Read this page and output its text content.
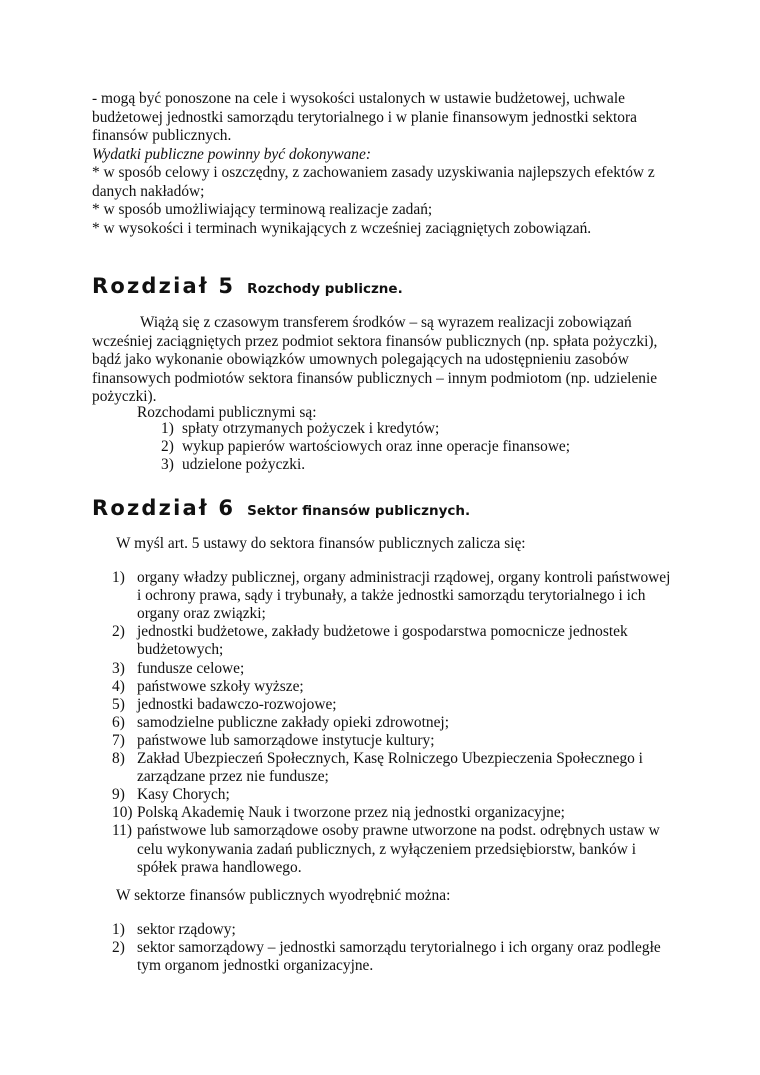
- mogą być ponoszone na cele i wysokości ustalonych w ustawie budżetowej, uchwale
budżetowej jednostki samorządu terytorialnego i w planie finansowym jednostki sektora
finansów publicznych.
Wydatki publiczne powinny być dokonywane:
* w sposób celowy i oszczędny, z zachowaniem zasady uzyskiwania najlepszych efektów z
danych nakładów;
* w sposób umożliwiający terminową realizacje zadań;
* w wysokości i terminach wynikających z wcześniej zaciągniętych zobowiązań.
Rozdział 5 Rozchody publiczne.
Wiążą się z czasowym transferem środków – są wyrazem realizacji zobowiązań
wcześniej zaciągniętych przez podmiot sektora finansów publicznych (np. spłata pożyczki),
bądź jako wykonanie obowiązków umownych polegających na udostępnieniu zasobów
finansowych podmiotów sektora finansów publicznych – innym podmiotom (np. udzielenie
pożyczki).
Rozchodami publicznymi są:
1) spłaty otrzymanych pożyczek i kredytów;
2) wykup papierów wartościowych oraz inne operacje finansowe;
3) udzielone pożyczki.
Rozdział 6 Sektor finansów publicznych.
W myśl art. 5 ustawy do sektora finansów publicznych zalicza się:
1) organy władzy publicznej, organy administracji rządowej, organy kontroli państwowej
i ochrony prawa, sądy i trybunały, a także jednostki samorządu terytorialnego i ich
organy oraz związki;
2) jednostki budżetowe, zakłady budżetowe i gospodarstwa pomocnicze jednostek
budżetowych;
3) fundusze celowe;
4) państwowe szkoły wyższe;
5) jednostki badawczo-rozwojowe;
6) samodzielne publiczne zakłady opieki zdrowotnej;
7) państwowe lub samorządowe instytucje kultury;
8) Zakład Ubezpieczeń Społecznych, Kasę Rolniczego Ubezpieczenia Społecznego i
zarządzane przez nie fundusze;
9) Kasy Chorych;
10) Polską Akademię Nauk i tworzone przez nią jednostki organizacyjne;
11) państwowe lub samorządowe osoby prawne utworzone na podst. odrębnych ustaw w
celu wykonywania zadań publicznych, z wyłączeniem przedsiębiorstw, banków i
spółek prawa handlowego.
W sektorze finansów publicznych wyodrębnić można:
1) sektor rządowy;
2) sektor samorządowy – jednostki samorządu terytorialnego i ich organy oraz podległe
tym organom jednostki organizacyjne.
